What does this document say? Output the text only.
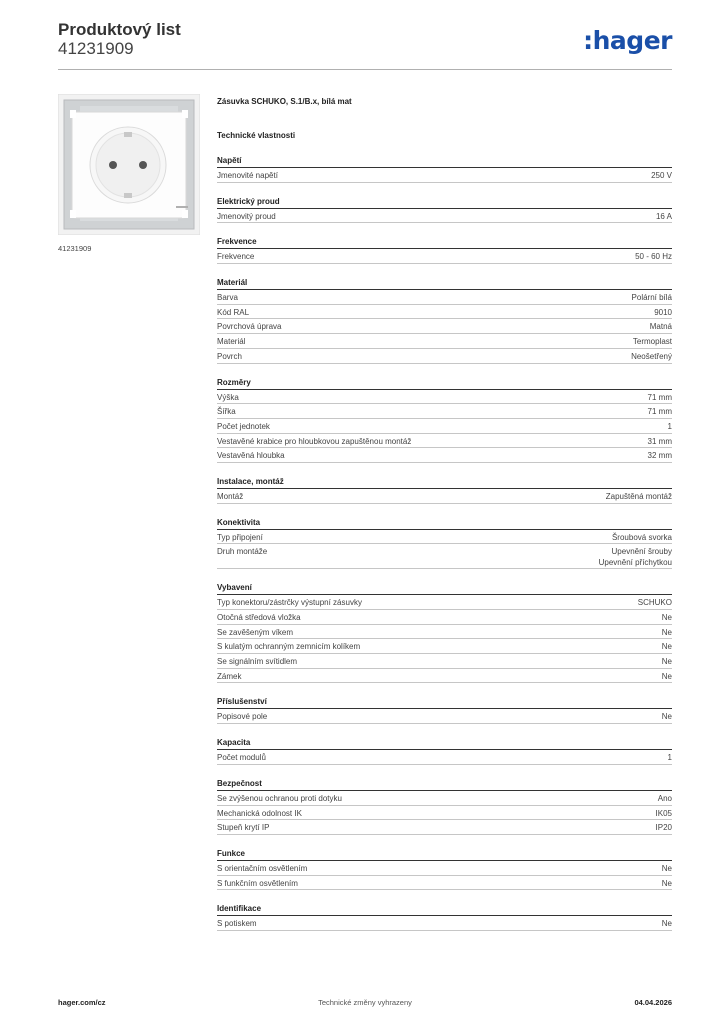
Produktový list
41231909	:hager
41231909
Zásuvka SCHUKO, S.1/B.x, bílá mat
Technické vlastnosti
Napětí
Jmenovité napětí	250 V
Elektrický proud
Jmenovitý proud	16 A
Frekvence
Frekvence	50 - 60 Hz
Materiál
Barva	Polární bílá
Kód RAL	9010
Povrchová úprava	Matná
Materiál	Termoplast
Povrch	Neošetřený
Rozměry
Výška	71 mm
Šířka	71 mm
Počet jednotek	1
Vestavěné krabice pro hloubkovou zapuštěnou montáž	31 mm
Vestavěná hloubka	32 mm
Instalace, montáž
Montáž	Zapuštěná montáž
Konektivita
Typ připojení	Šroubová svorka
Druh montáže	Upevnění šrouby
Upevnění příchytkou
Vybavení
Typ konektoru/zástrčky výstupní zásuvky	SCHUKO
Otočná středová vložka	Ne
Se zavěšeným víkem	Ne
S kulatým ochranným zemnicím kolíkem	Ne
Se signálním svítidlem	Ne
Zámek	Ne
Příslušenství
Popisové pole	Ne
Kapacita
Počet modulů	1
Bezpečnost
Se zvýšenou ochranou proti dotyku	Ano
Mechanická odolnost IK	IK05
Stupeň krytí IP	IP20
Funkce
S orientačním osvětlením	Ne
S funkčním osvětlením	Ne
Identifikace
S potiskem	Ne
hager.com/cz	Technické změny vyhrazeny	04.04.2026
